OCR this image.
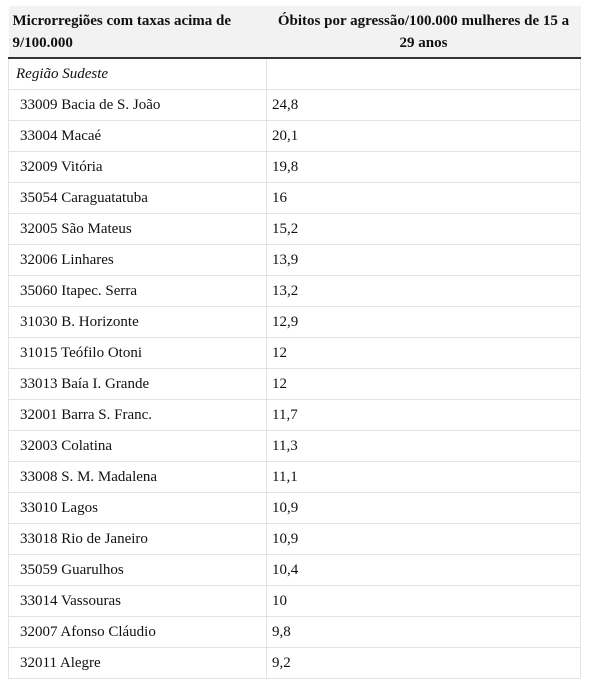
Microrregiões com taxas acima de 9/100.000	Óbitos por agressão/100.000 mulheres de 15 a 29 anos
Região Sudeste	
33009 Bacia de S. João	24,8
33004 Macaé	20,1
32009 Vitória	19,8
35054 Caraguatatuba	16
32005 São Mateus	15,2
32006 Linhares	13,9
35060 Itapec. Serra	13,2
31030 B. Horizonte	12,9
31015 Teófilo Otoni	12
33013 Baía I. Grande	12
32001 Barra S. Franc.	11,7
32003 Colatina	11,3
33008 S. M. Madalena	11,1
33010 Lagos	10,9
33018 Rio de Janeiro	10,9
35059 Guarulhos	10,4
33014 Vassouras	10
32007 Afonso Cláudio	9,8
32011 Alegre	9,2
